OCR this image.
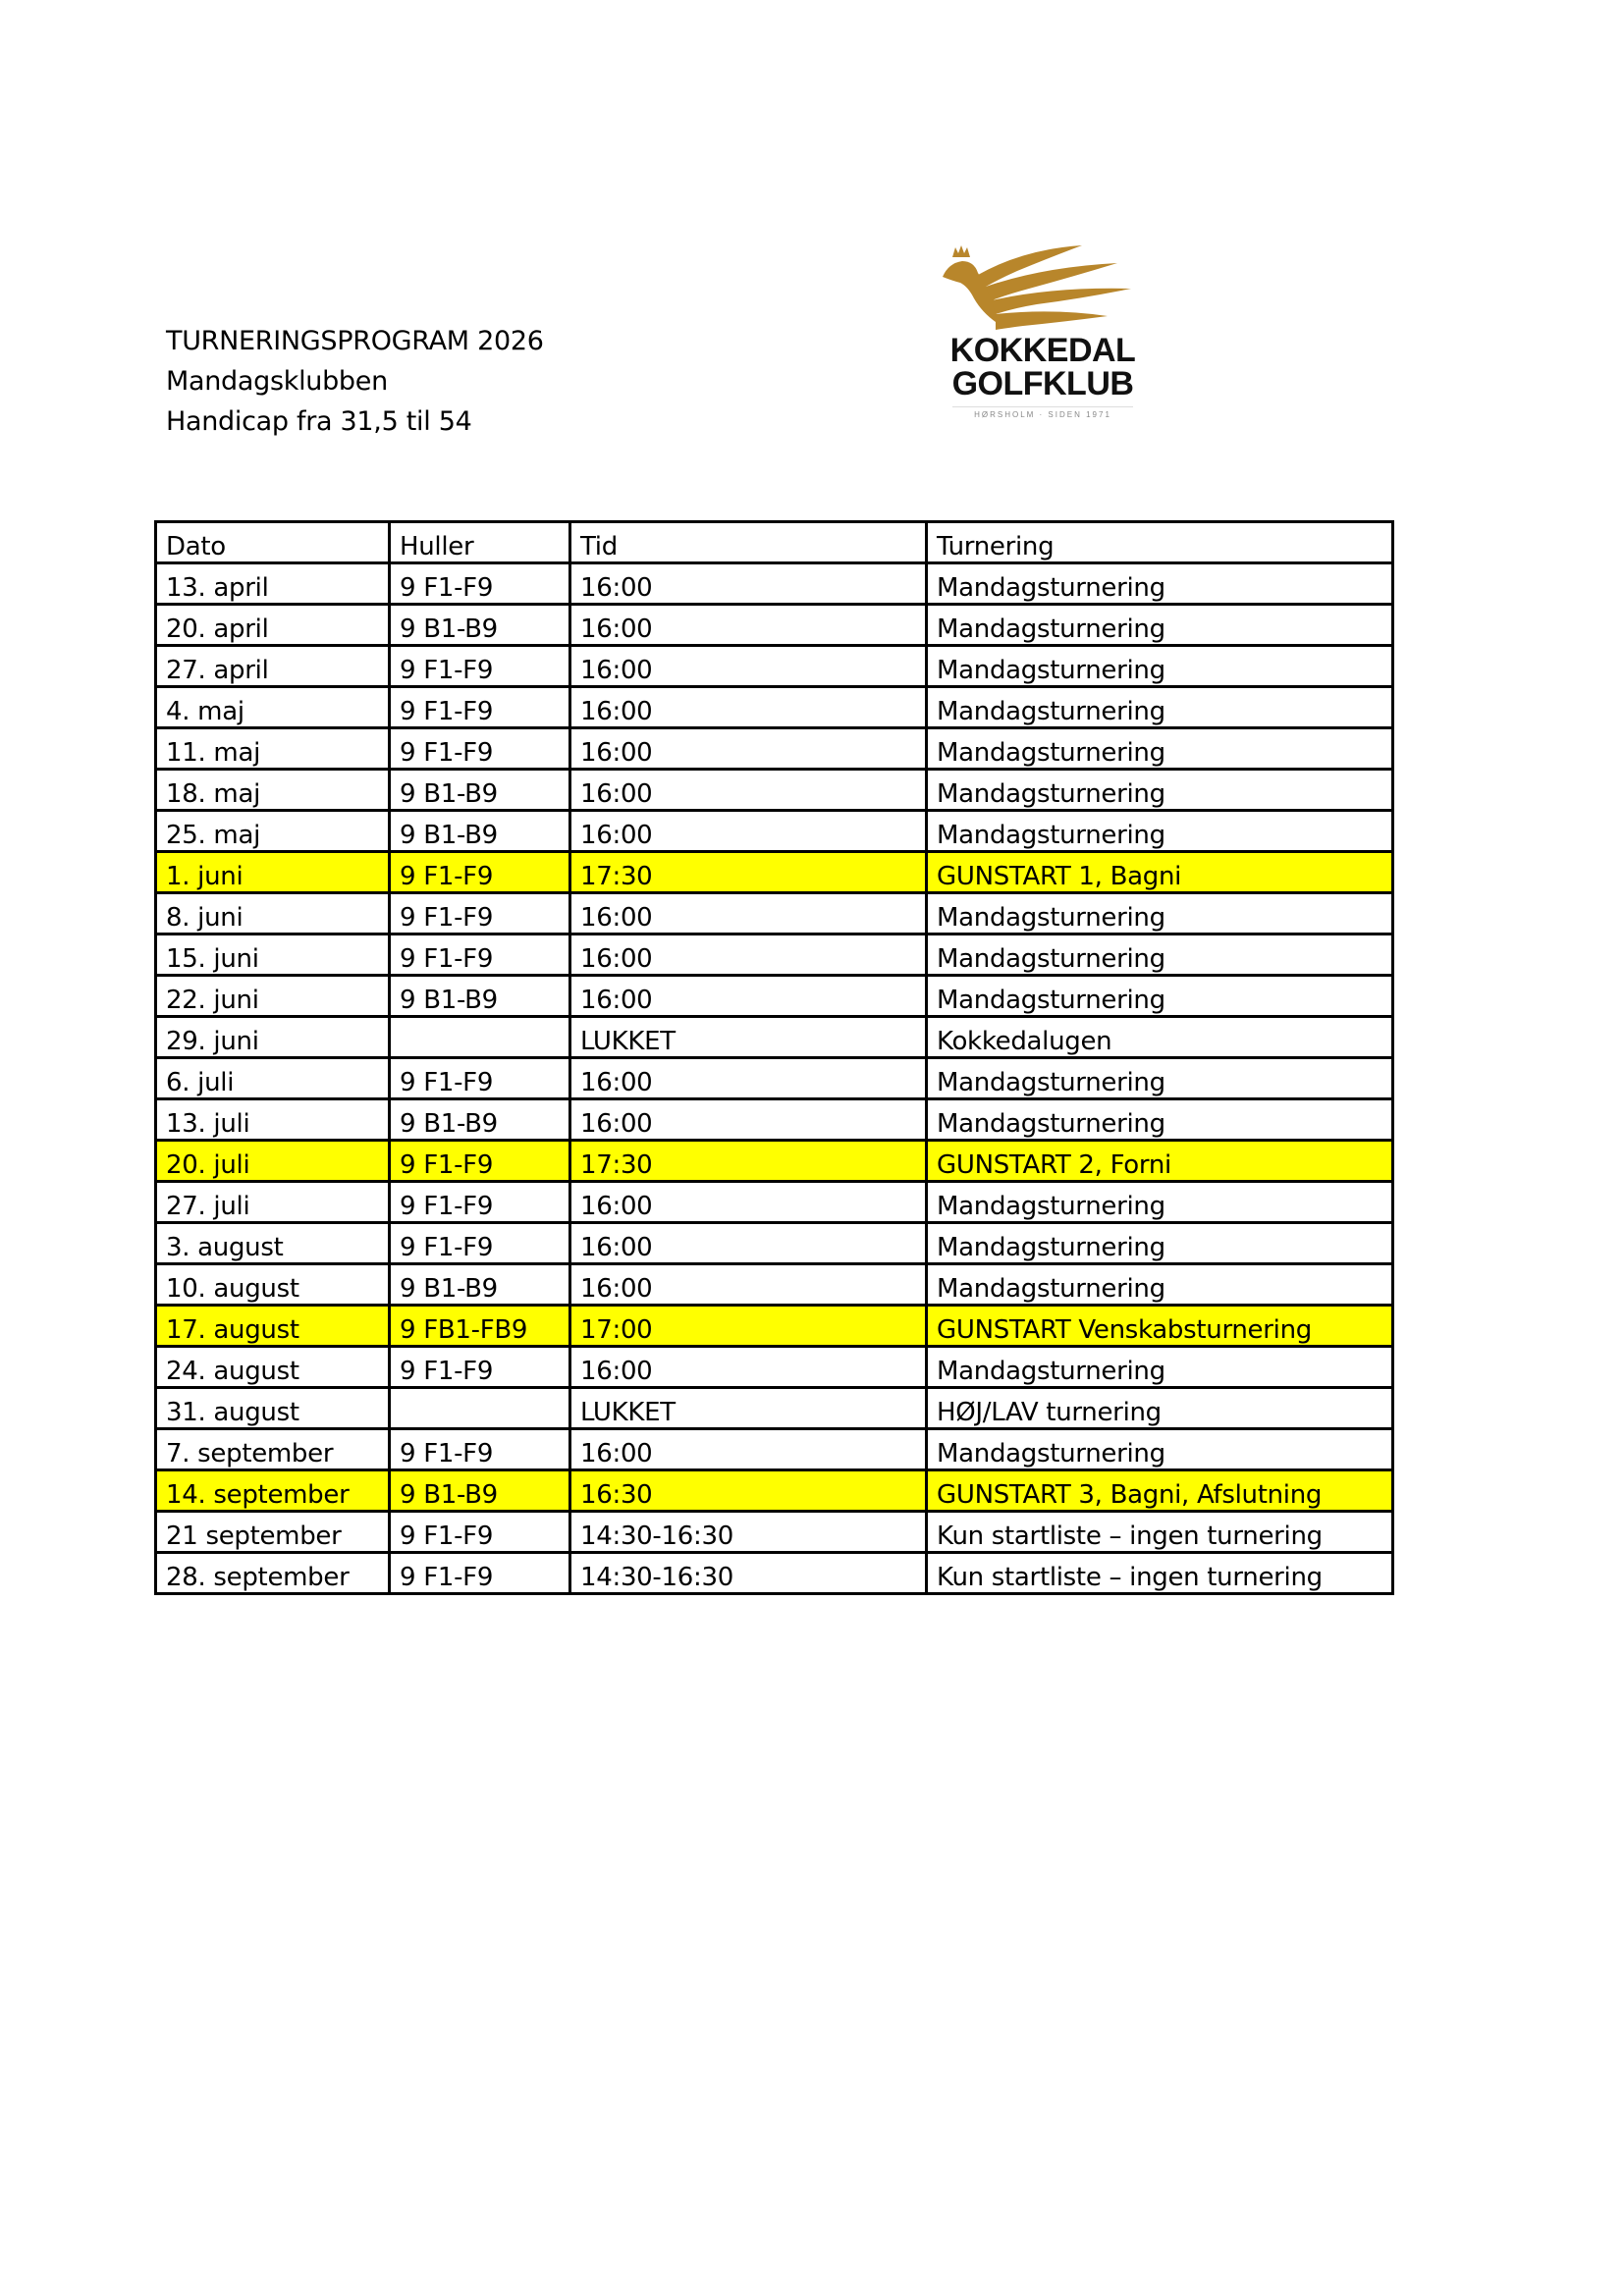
TURNERINGSPROGRAM 2026
Mandagsklubben
Handicap fra 31,5 til 54
KOKKEDAL
GOLFKLUB
HØRSHOLM · SIDEN 1971
Dato	Huller	Tid	Turnering
13. april	9 F1-F9	16:00	Mandagsturnering
20. april	9 B1-B9	16:00	Mandagsturnering
27. april	9 F1-F9	16:00	Mandagsturnering
4. maj	9 F1-F9	16:00	Mandagsturnering
11. maj	9 F1-F9	16:00	Mandagsturnering
18. maj	9 B1-B9	16:00	Mandagsturnering
25. maj	9 B1-B9	16:00	Mandagsturnering
1. juni	9 F1-F9	17:30	GUNSTART 1, Bagni
8. juni	9 F1-F9	16:00	Mandagsturnering
15. juni	9 F1-F9	16:00	Mandagsturnering
22. juni	9 B1-B9	16:00	Mandagsturnering
29. juni		LUKKET	Kokkedalugen
6. juli	9 F1-F9	16:00	Mandagsturnering
13. juli	9 B1-B9	16:00	Mandagsturnering
20. juli	9 F1-F9	17:30	GUNSTART 2, Forni
27. juli	9 F1-F9	16:00	Mandagsturnering
3. august	9 F1-F9	16:00	Mandagsturnering
10. august	9 B1-B9	16:00	Mandagsturnering
17. august	9 FB1-FB9	17:00	GUNSTART Venskabsturnering
24. august	9 F1-F9	16:00	Mandagsturnering
31. august		LUKKET	HØJ/LAV turnering
7. september	9 F1-F9	16:00	Mandagsturnering
14. september	9 B1-B9	16:30	GUNSTART 3, Bagni, Afslutning
21 september	9 F1-F9	14:30-16:30	Kun startliste – ingen turnering
28. september	9 F1-F9	14:30-16:30	Kun startliste – ingen turnering
